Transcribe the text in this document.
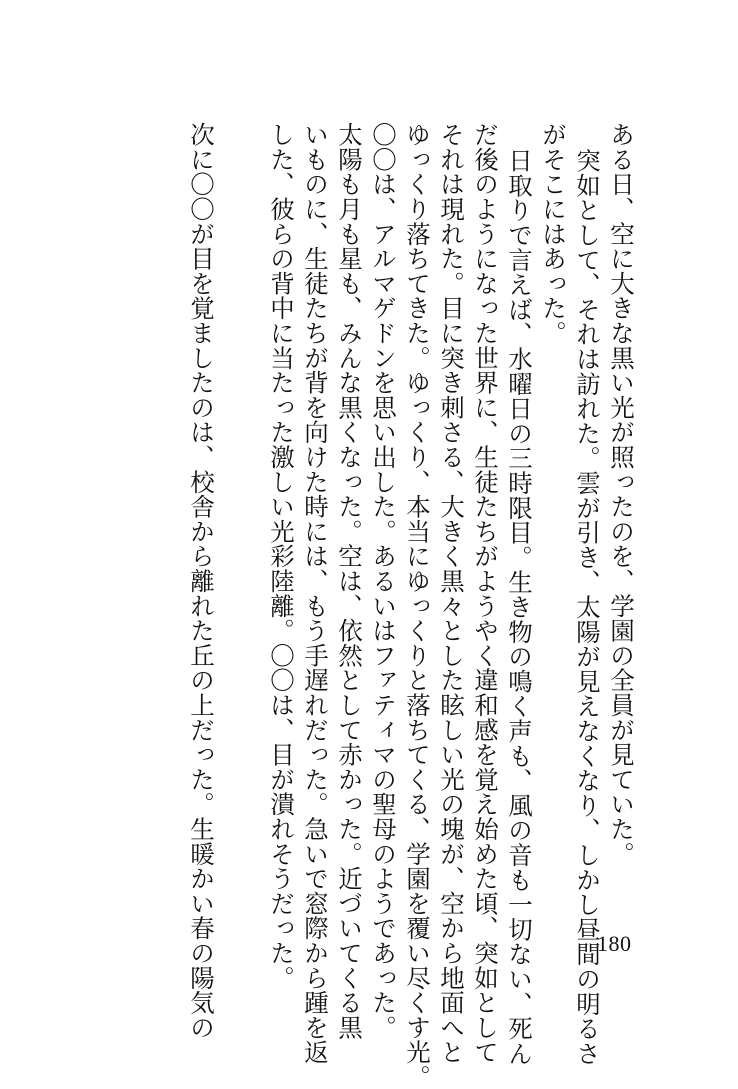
ある日、空に大きな黒い光が照ったのを、学園の全員が見ていた。
突如として、それは訪れた。雲が引き、太陽が見えなくなり、しかし昼間の明るさ
がそこにはあった。
日取りで言えば、水曜日の三時限目。生き物の鳴く声も、風の音も一切ない、死ん
だ後のようになった世界に、生徒たちがようやく違和感を覚え始めた頃、突如として
それは現れた。目に突き刺さる、大きく黒々とした眩しい光の塊が、空から地面へと
ゆっくり落ちてきた。ゆっくり、本当にゆっくりと落ちてくる、学園を覆い尽くす光。
〇〇は、アルマゲドンを思い出した。あるいはファティマの聖母のようであった。
太陽も月も星も、みんな黒くなった。空は、依然として赤かった。近づいてくる黒
いものに、生徒たちが背を向けた時には、もう手遅れだった。急いで窓際から踵を返
した、彼らの背中に当たった激しい光彩陸離。〇〇は、目が潰れそうだった。
次に〇〇が目を覚ましたのは、校舎から離れた丘の上だった。生暖かい春の陽気の	180
